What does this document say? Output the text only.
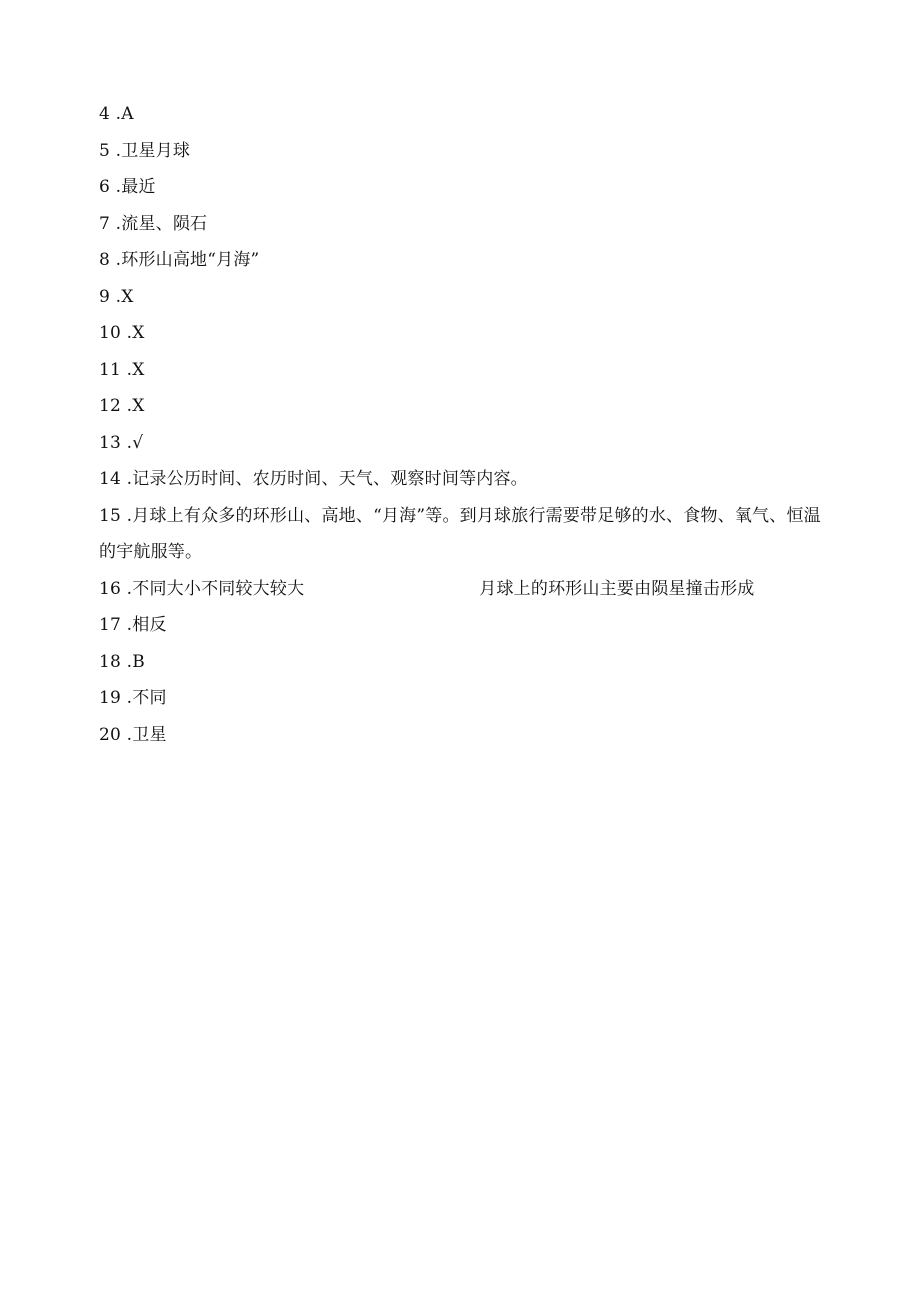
4 . A
5 . 卫星月球
6 . 最近
7 . 流星、陨石
8 . 环形山高地“月海”
9 . X
10 . X
11 . X
12 . X
13 . √
14 . 记录公历时间、农历时间、天气、观察时间等内容。
15 .月球上有众多的环形山、高地、“月海”等。到月球旅行需要带足够的水、食物、氧气、恒温的宇航服等。
16 . 不同大小不同较大较大	月球上的环形山主要由陨星撞击形成
17 . 相反
18 . B
19 . 不同
20 . 卫星
